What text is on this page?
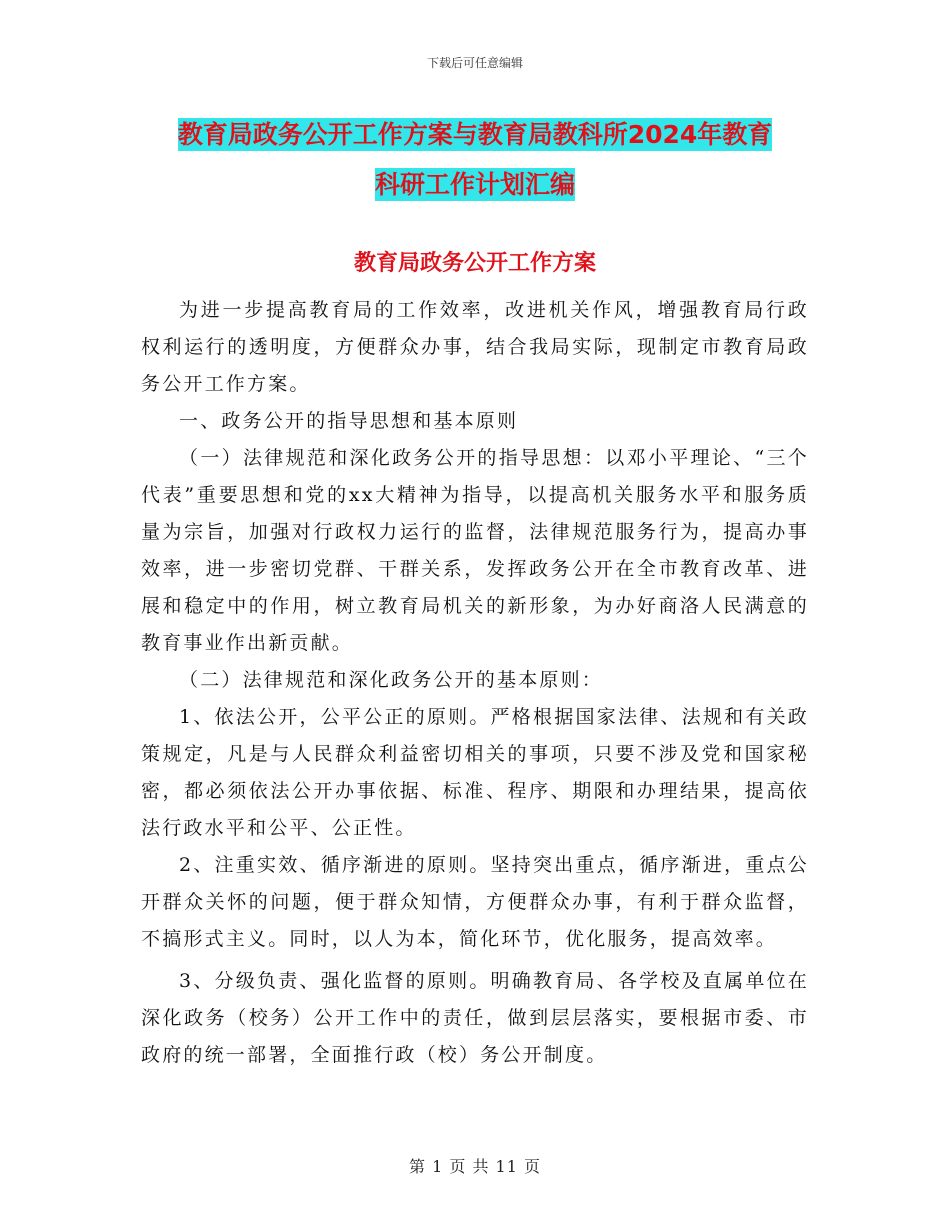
下载后可任意编辑
教育局政务公开工作方案与教育局教科所2024年教育
科研工作计划汇编
教育局政务公开工作方案

为进一步提高教育局的工作效率，改进机关作风，增强教育局行政权利运行的透明度，方便群众办事，结合我局实际，现制定市教育局政务公开工作方案。

一、政务公开的指导思想和基本原则

（一）法律规范和深化政务公开的指导思想：以邓小平理论、“三个代表”重要思想和党的xx大精神为指导，以提高机关服务水平和服务质量为宗旨，加强对行政权力运行的监督，法律规范服务行为，提高办事效率，进一步密切党群、干群关系，发挥政务公开在全市教育改革、进展和稳定中的作用，树立教育局机关的新形象，为办好商洛人民满意的教育事业作出新贡献。

（二）法律规范和深化政务公开的基本原则：

1、依法公开，公平公正的原则。严格根据国家法律、法规和有关政策规定，凡是与人民群众利益密切相关的事项，只要不涉及党和国家秘密，都必须依法公开办事依据、标准、程序、期限和办理结果，提高依法行政水平和公平、公正性。

2、注重实效、循序渐进的原则。坚持突出重点，循序渐进，重点公开群众关怀的问题，便于群众知情，方便群众办事，有利于群众监督，不搞形式主义。同时，以人为本，简化环节，优化服务，提高效率。

3、分级负责、强化监督的原则。明确教育局、各学校及直属单位在深化政务（校务）公开工作中的责任，做到层层落实，要根据市委、市政府的统一部署，全面推行政（校）务公开制度。

第 1 页 共 11 页
